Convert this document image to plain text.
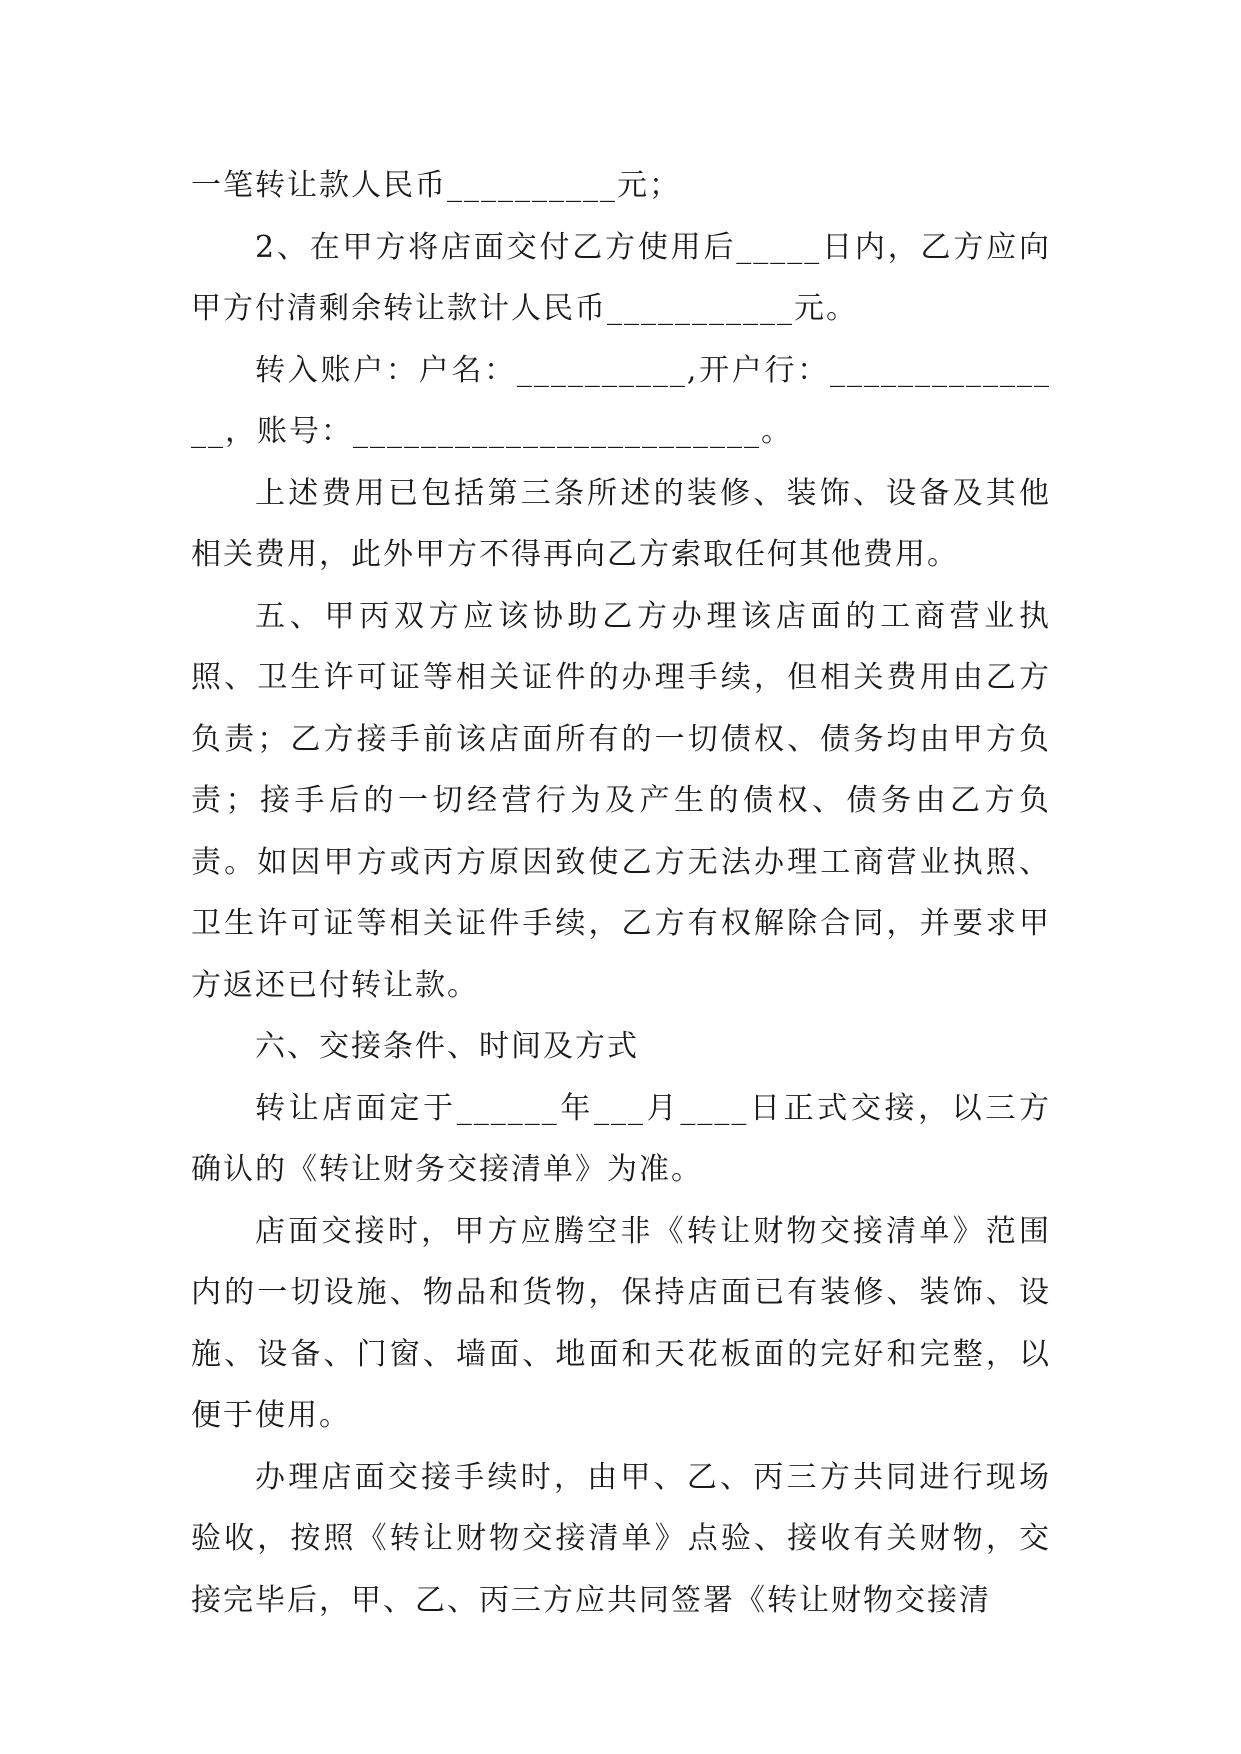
一笔转让款人民币__________元；

2、在甲方将店面交付乙方使用后_____日内，乙方应向甲方付清剩余转让款计人民币___________元。

转入账户：户名：__________,开户行：_______________，账号：________________________。

上述费用已包括第三条所述的装修、装饰、设备及其他相关费用，此外甲方不得再向乙方索取任何其他费用。

五、甲丙双方应该协助乙方办理该店面的工商营业执照、卫生许可证等相关证件的办理手续，但相关费用由乙方负责；乙方接手前该店面所有的一切债权、债务均由甲方负责；接手后的一切经营行为及产生的债权、债务由乙方负责。如因甲方或丙方原因致使乙方无法办理工商营业执照、卫生许可证等相关证件手续，乙方有权解除合同，并要求甲方返还已付转让款。

六、交接条件、时间及方式

转让店面定于______年___月____日正式交接，以三方确认的《转让财务交接清单》为准。

店面交接时，甲方应腾空非《转让财物交接清单》范围内的一切设施、物品和货物，保持店面已有装修、装饰、设施、设备、门窗、墙面、地面和天花板面的完好和完整，以便于使用。

办理店面交接手续时，由甲、乙、丙三方共同进行现场验收，按照《转让财物交接清单》点验、接收有关财物，交接完毕后，甲、乙、丙三方应共同签署《转让财物交接清
